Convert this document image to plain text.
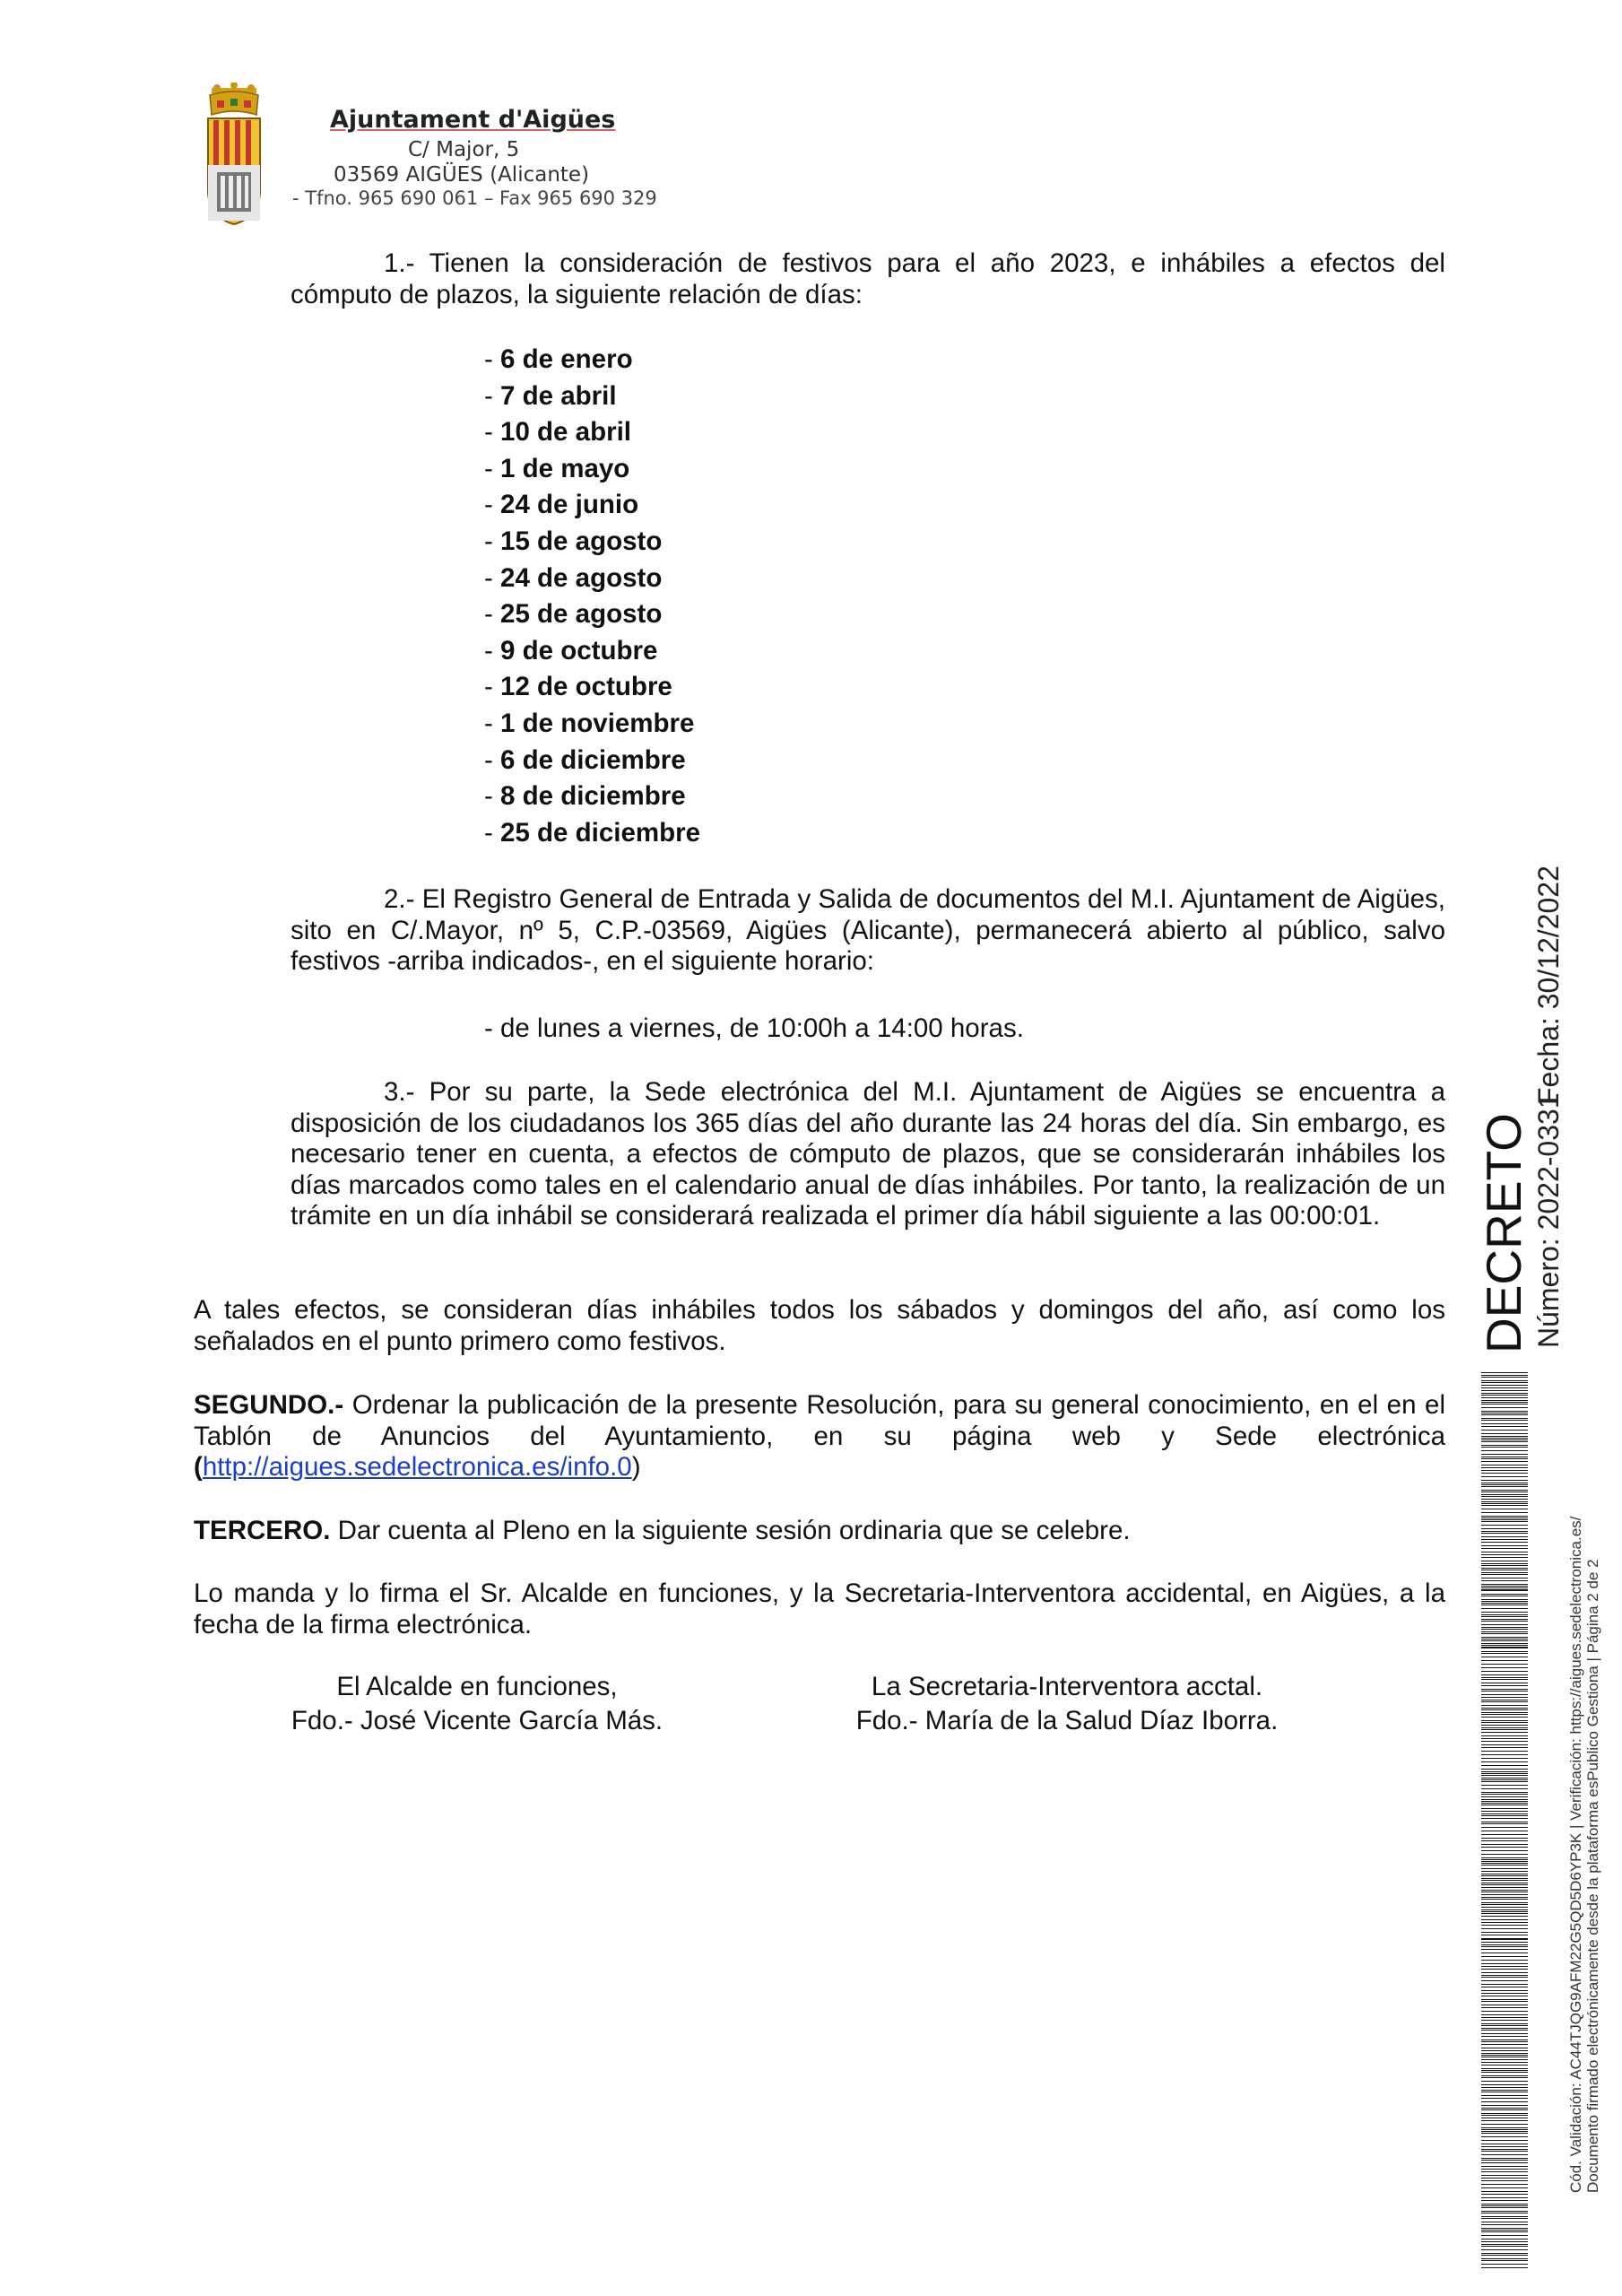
Ajuntament d'Aigües
C/ Major, 5
03569 AIGÜES (Alicante)
- Tfno. 965 690 061 – Fax 965 690 329

1.- Tienen la consideración de festivos para el año 2023, e inhábiles a efectos del cómputo de plazos, la siguiente relación de días:

- 6 de enero
- 7 de abril
- 10 de abril
- 1 de mayo
- 24 de junio
- 15 de agosto
- 24 de agosto
- 25 de agosto
- 9 de octubre
- 12 de octubre
- 1 de noviembre
- 6 de diciembre
- 8 de diciembre
- 25 de diciembre

2.- El Registro General de Entrada y Salida de documentos del M.I. Ajuntament de Aigües, sito en C/.Mayor, nº 5, C.P.-03569, Aigües (Alicante), permanecerá abierto al público, salvo festivos -arriba indicados-, en el siguiente horario:

- de lunes a viernes, de 10:00h a 14:00 horas.

3.- Por su parte, la Sede electrónica del M.I. Ajuntament de Aigües se encuentra a disposición de los ciudadanos los 365 días del año durante las 24 horas del día. Sin embargo, es necesario tener en cuenta, a efectos de cómputo de plazos, que se considerarán inhábiles los días marcados como tales en el calendario anual de días inhábiles. Por tanto, la realización de un trámite en un día inhábil se considerará realizada el primer día hábil siguiente a las 00:00:01.

A tales efectos, se consideran días inhábiles todos los sábados y domingos del año, así como los señalados en el punto primero como festivos.

SEGUNDO.- Ordenar la publicación de la presente Resolución, para su general conocimiento, en el en el Tablón de Anuncios del Ayuntamiento, en su página web y Sede electrónica (http://aigues.sedelectronica.es/info.0)

TERCERO. Dar cuenta al Pleno en la siguiente sesión ordinaria que se celebre.

Lo manda y lo firma el Sr. Alcalde en funciones, y la Secretaria-Interventora accidental, en Aigües, a la fecha de la firma electrónica.

El Alcalde en funciones,
Fdo.- José Vicente García Más.
La Secretaria-Interventora acctal.
Fdo.- María de la Salud Díaz Iborra.
DECRETO Número: 2022-0331
Fecha: 30/12/2022
Cód. Validación: AC44TJQG9AFM22G5QD5D6YP3K | Verificación: https://aigues.sedelectronica.es/ Documento firmado electrónicamente desde la plataforma esPublico Gestiona | Página 2 de 2
